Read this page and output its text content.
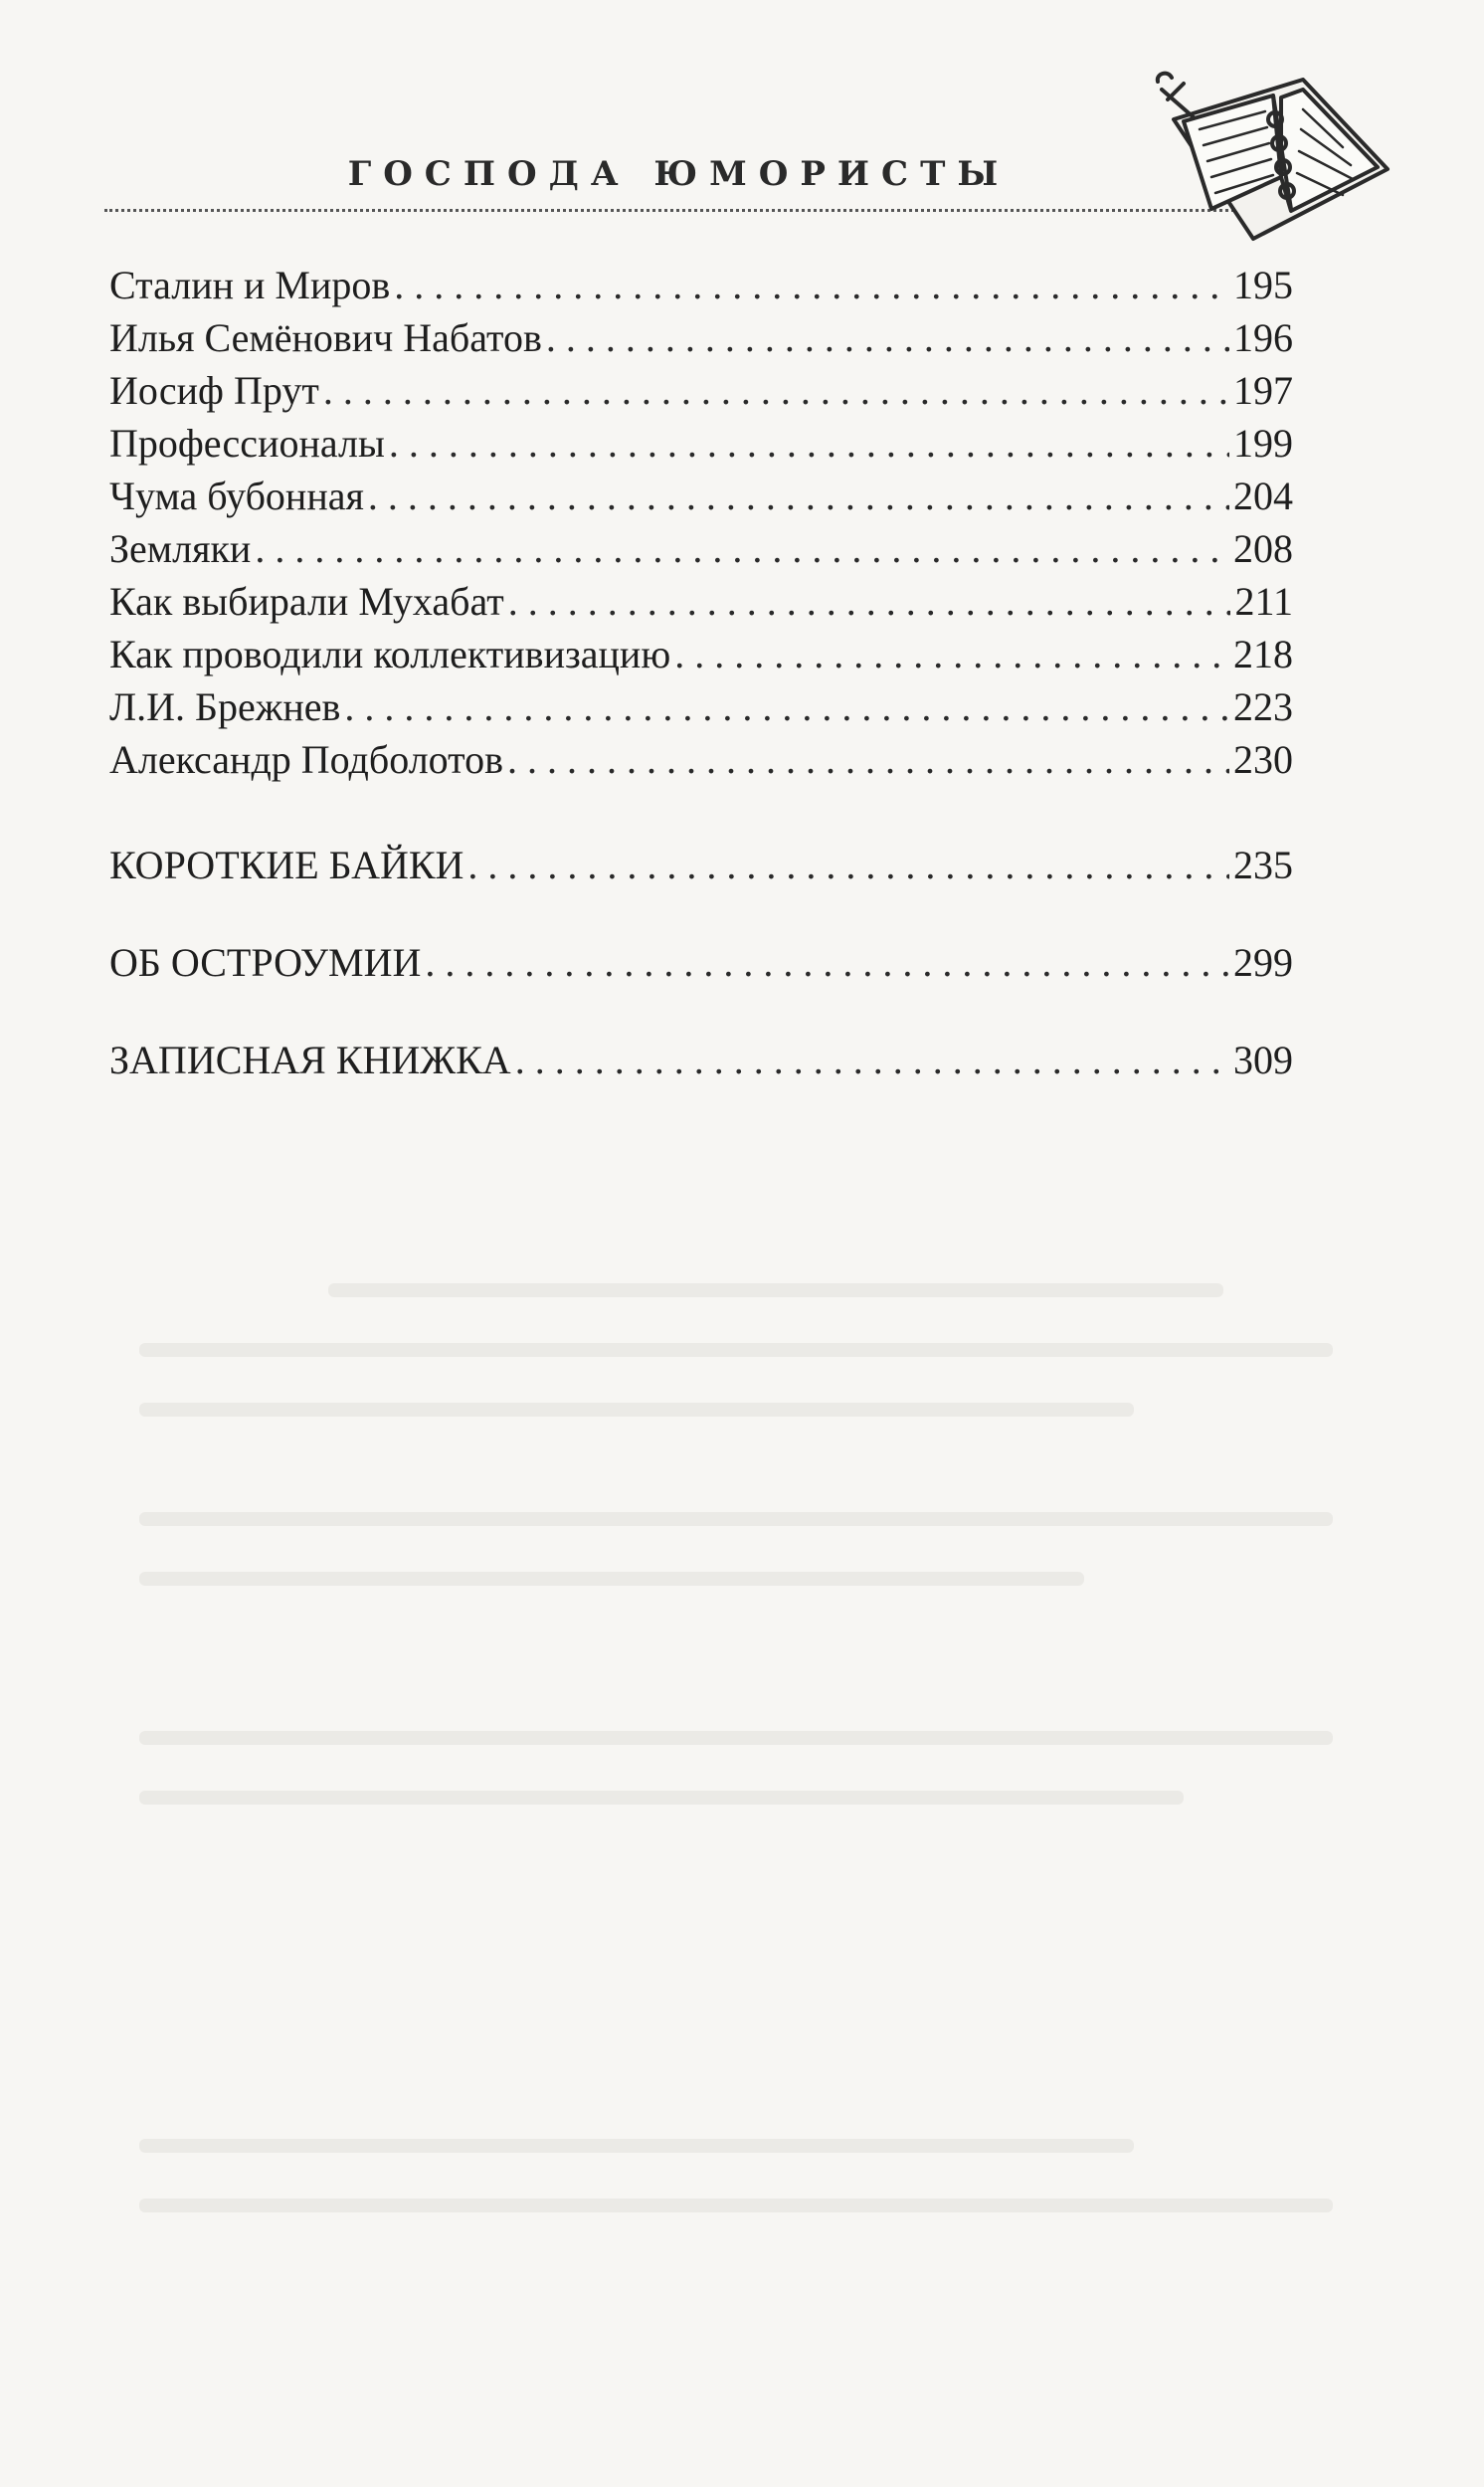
ГОСПОДА ЮМОРИСТЫ
Сталин и Миров . . .	195
Илья Семёнович Набатов . . .	196
Иосиф Прут . . .	197
Профессионалы . . .	199
Чума бубонная . . .	204
Земляки . . .	208
Как выбирали Мухабат . . .	211
Как проводили коллективизацию . . .	218
Л.И. Брежнев . . .	223
Александр Подболотов . . .	230
КОРОТКИЕ БАЙКИ . . .	235
ОБ ОСТРОУМИИ . . .	299
ЗАПИСНАЯ КНИЖКА . . .	309
